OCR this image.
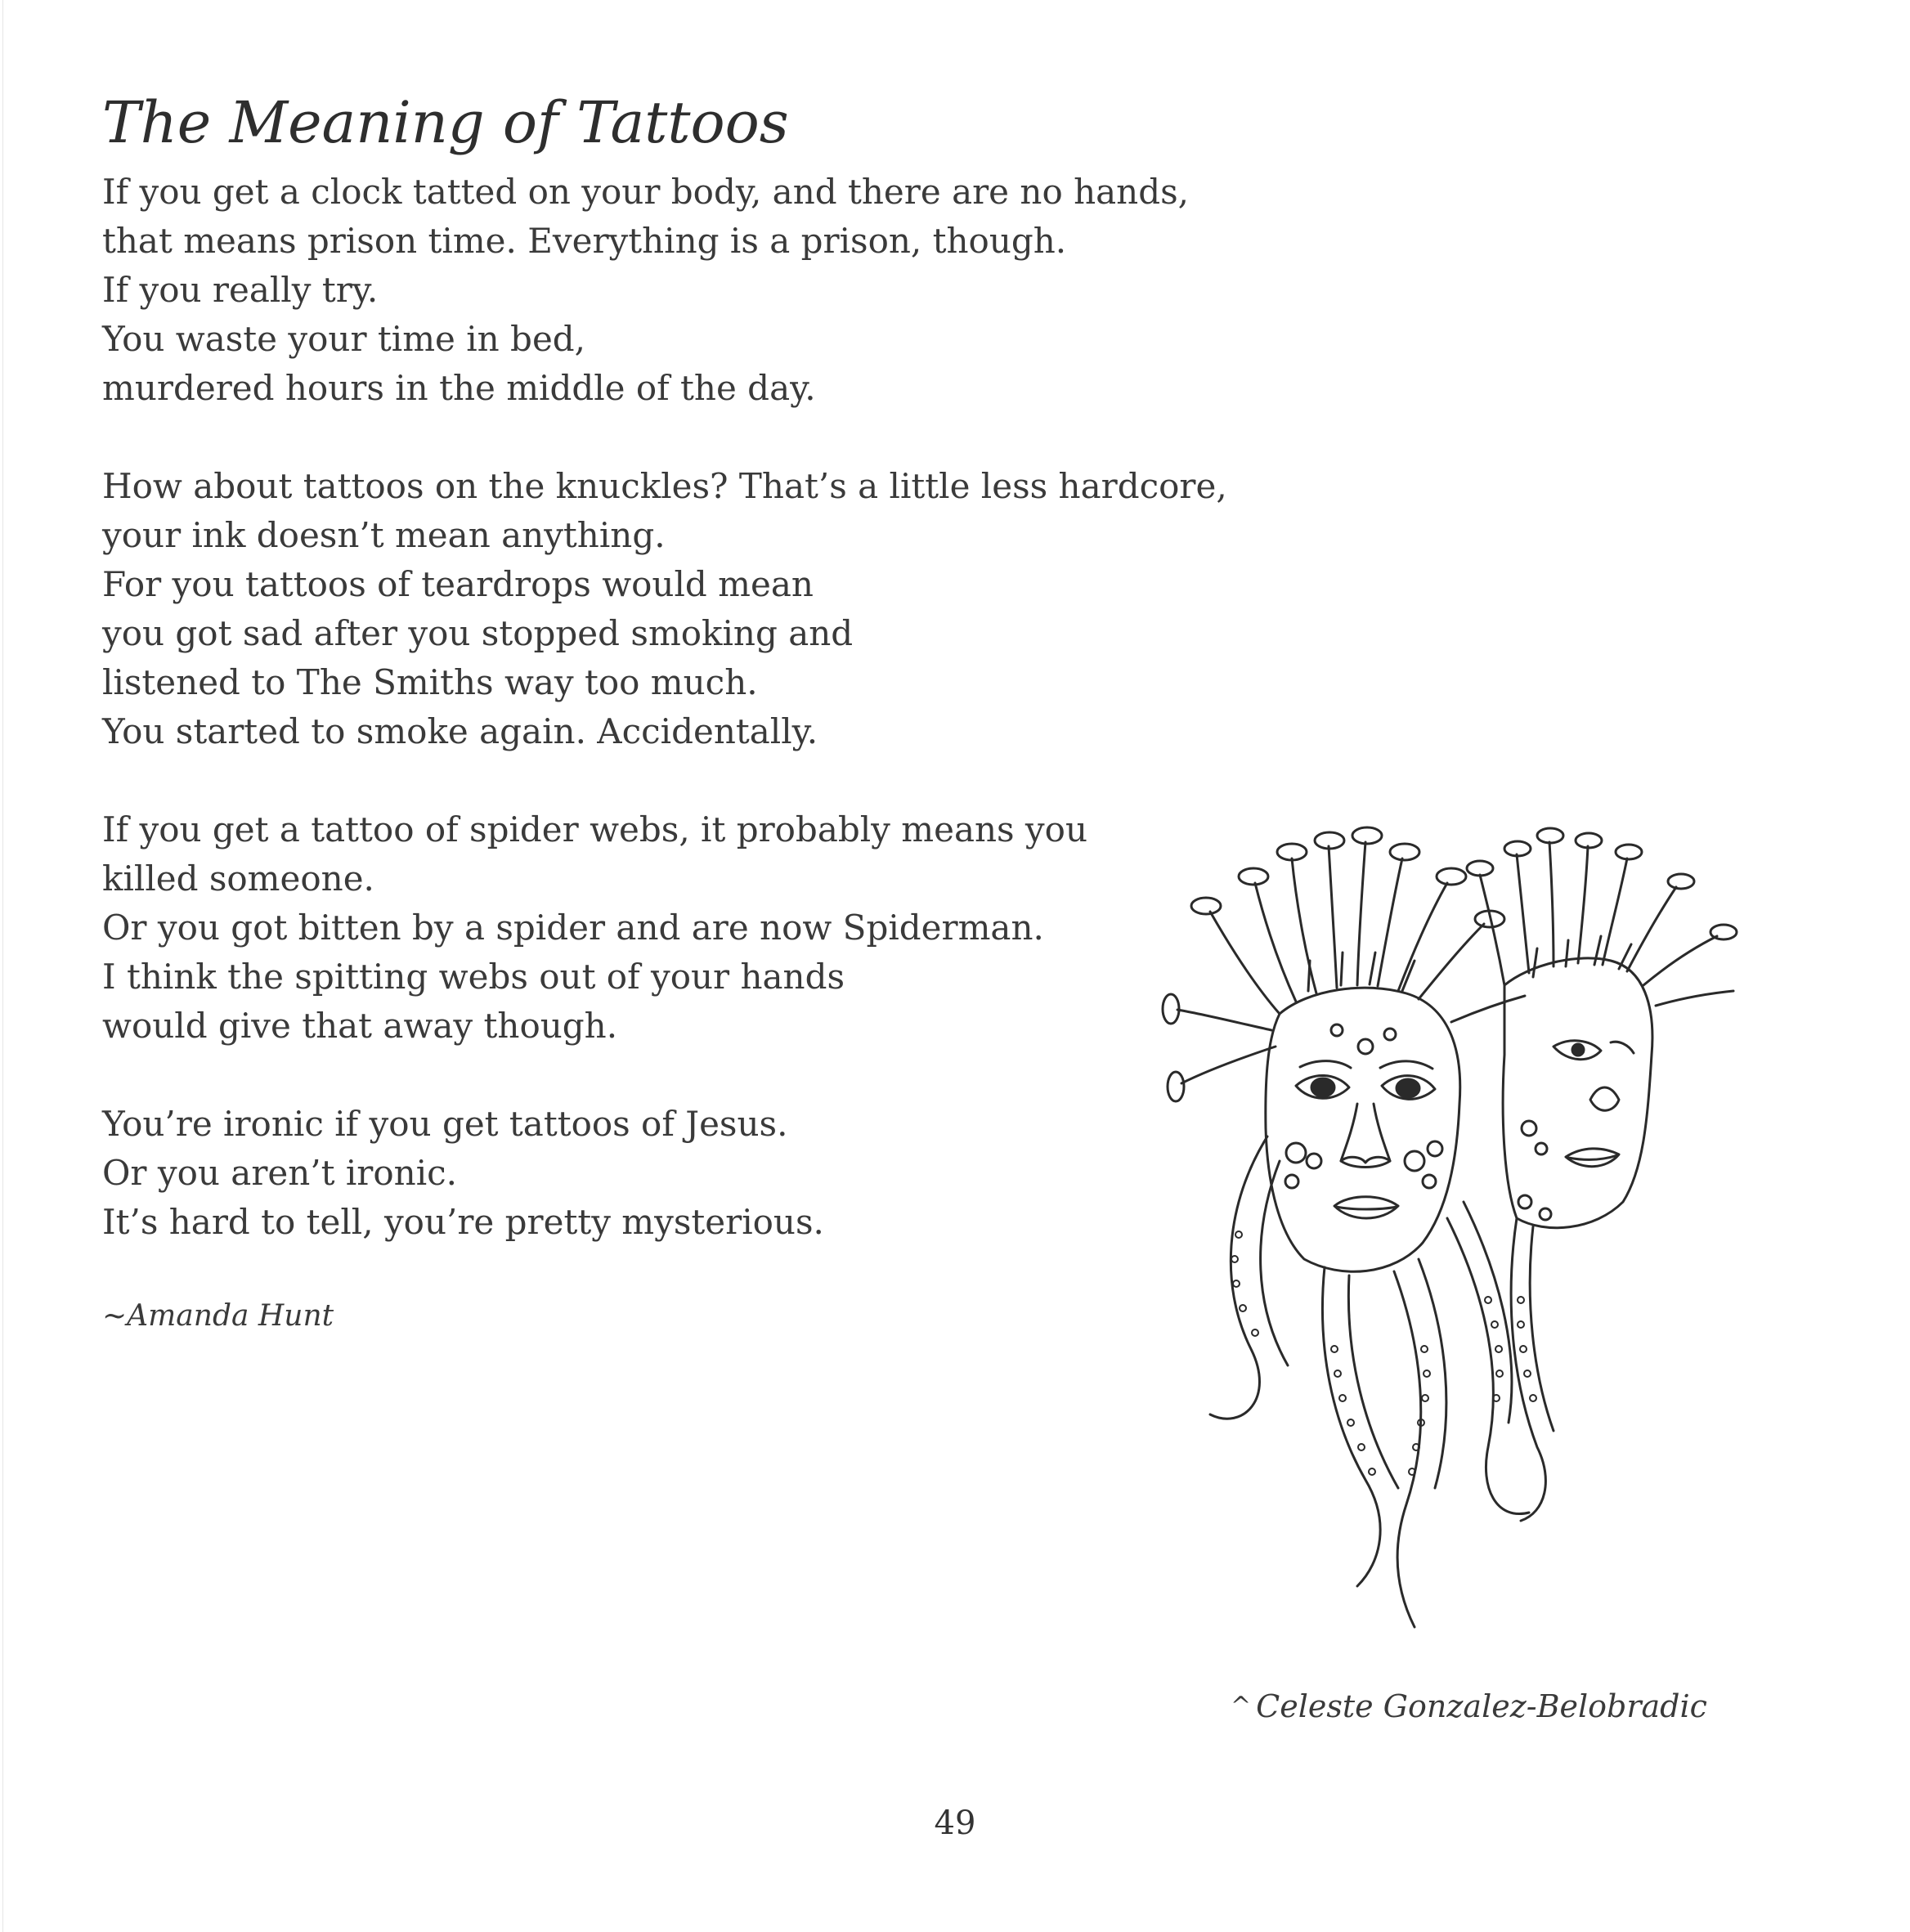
The Meaning of Tattoos
If you get a clock tatted on your body, and there are no hands,
that means prison time. Everything is a prison, though.
If you really try.
You waste your time in bed,
murdered hours in the middle of the day.
How about tattoos on the knuckles? That’s a little less hardcore,
your ink doesn’t mean anything.
For you tattoos of teardrops would mean
you got sad after you stopped smoking and
listened to The Smiths way too much.
You started to smoke again. Accidentally.
If you get a tattoo of spider webs, it probably means you
killed someone.
Or you got bitten by a spider and are now Spiderman.
I think the spitting webs out of your hands
would give that away though.
You’re ironic if you get tattoos of Jesus.
Or you aren’t ironic.
It’s hard to tell, you’re pretty mysterious.
~Amanda Hunt
^ Celeste Gonzalez-Belobradic
49
